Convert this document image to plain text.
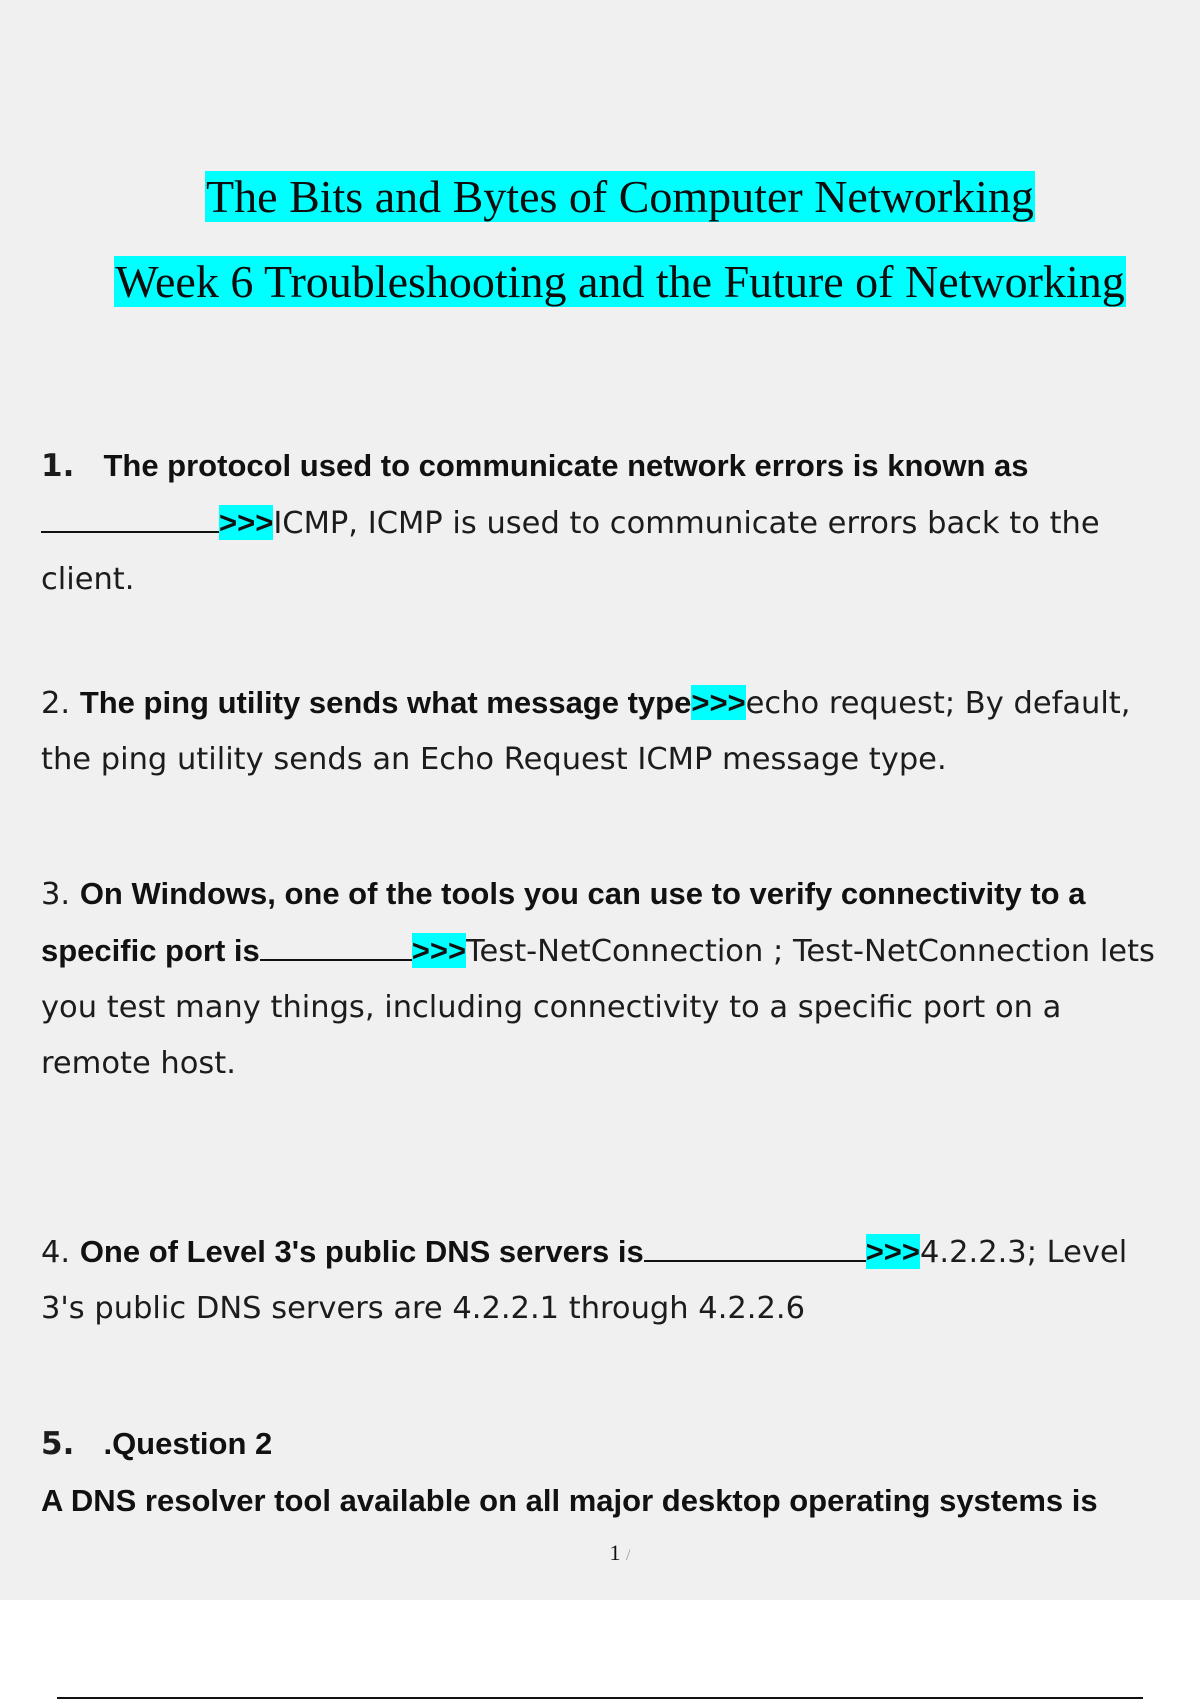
The Bits and Bytes of Computer Networking
Week 6 Troubleshooting and the Future of Networking
1. The protocol used to communicate network errors is known as
>>>ICMP, ICMP is used to communicate errors back to the client.
2. The ping utility sends what message type>>>echo request; By default, the ping utility sends an Echo Request ICMP message type.
3. On Windows, one of the tools you can use to verify connectivity to a specific port is	>>>Test-NetConnection ; Test-NetConnection lets you test many things, including connectivity to a specific port on a remote host.
4. One of Level 3's public DNS servers is	>>>4.2.2.3; Level 3's public DNS servers are 4.2.2.1 through 4.2.2.6
5. .Question 2
A DNS resolver tool available on all major desktop operating systems is
1 /
